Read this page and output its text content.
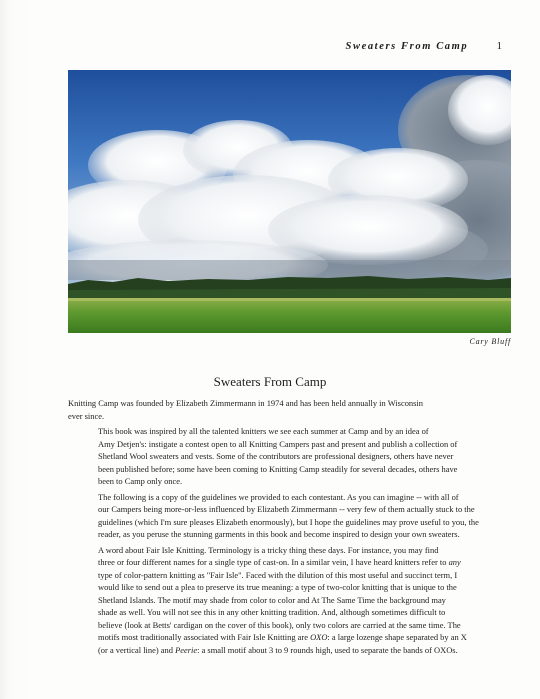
Sweaters From Camp	1
Cary Bluff
Sweaters From Camp

Knitting Camp was founded by Elizabeth Zimmermann in 1974 and has been held annually in Wisconsin
ever since.

This book was inspired by all the talented knitters we see each summer at Camp and by an idea of
Amy Detjen's: instigate a contest open to all Knitting Campers past and present and publish a collection of
Shetland Wool sweaters and vests. Some of the contributors are professional designers, others have never
been published before; some have been coming to Knitting Camp steadily for several decades, others have
been to Camp only once.

The following is a copy of the guidelines we provided to each contestant. As you can imagine -- with all of
our Campers being more-or-less influenced by Elizabeth Zimmermann -- very few of them actually stuck to the
guidelines (which I'm sure pleases Elizabeth enormously), but I hope the guidelines may prove useful to you, the
reader, as you peruse the stunning garments in this book and become inspired to design your own sweaters.

A word about Fair Isle Knitting. Terminology is a tricky thing these days. For instance, you may find
three or four different names for a single type of cast-on. In a similar vein, I have heard knitters refer to any
type of color-pattern knitting as "Fair Isle". Faced with the dilution of this most useful and succinct term, I
would like to send out a plea to preserve its true meaning: a type of two-color knitting that is unique to the
Shetland Islands. The motif may shade from color to color and At The Same Time the background may
shade as well. You will not see this in any other knitting tradition. And, although sometimes difficult to
believe (look at Betts' cardigan on the cover of this book), only two colors are carried at the same time. The
motifs most traditionally associated with Fair Isle Knitting are OXO: a large lozenge shape separated by an X
(or a vertical line) and Peerie: a small motif about 3 to 9 rounds high, used to separate the bands of OXOs.
